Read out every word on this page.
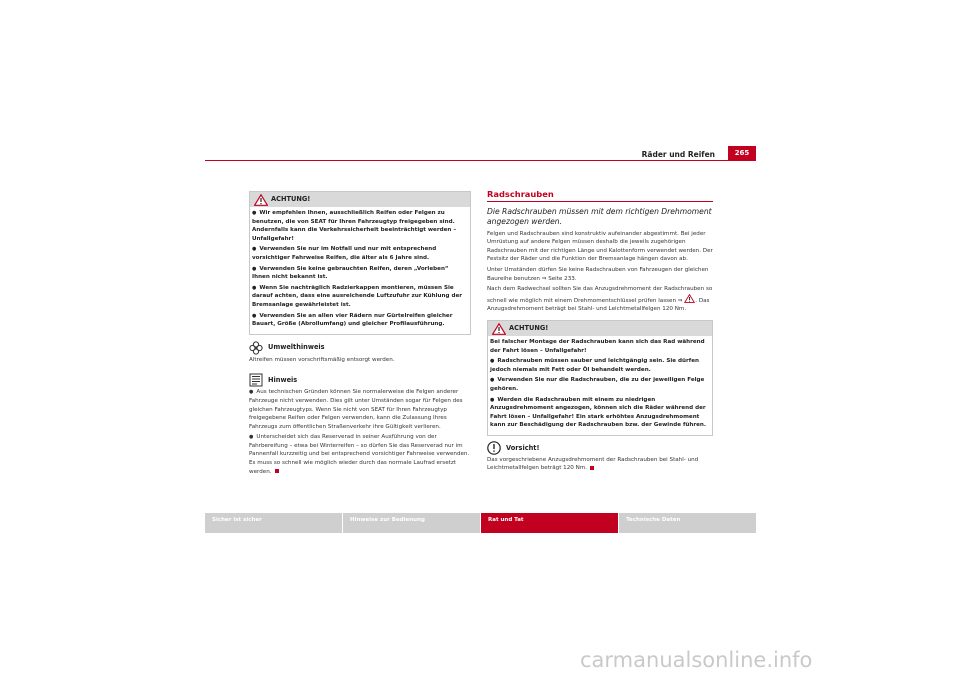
Räder und Reifen	265
ACHTUNG!

● Wir empfehlen Ihnen, ausschließlich Reifen oder Felgen zu benutzen, die von SEAT für Ihren Fahrzeugtyp freigegeben sind. Andernfalls kann die Verkehrssicherheit beeinträchtigt werden – Unfallgefahr!

● Verwenden Sie nur im Notfall und nur mit entsprechend vorsichtiger Fahrweise Reifen, die älter als 6 Jahre sind.

● Verwenden Sie keine gebrauchten Reifen, deren „Vorleben“ Ihnen nicht bekannt ist.

● Wenn Sie nachträglich Radzierkappen montieren, müssen Sie darauf achten, dass eine ausreichende Luftzufuhr zur Kühlung der Bremsanlage gewährleistet ist.

● Verwenden Sie an allen vier Rädern nur Gürtelreifen gleicher Bauart, Größe (Abrollumfang) und gleicher Profilausführung.

Umwelthinweis

Altreifen müssen vorschriftsmäßig entsorgt werden.

Hinweis

● Aus technischen Gründen können Sie normalerweise die Felgen anderer Fahrzeuge nicht verwenden. Dies gilt unter Umständen sogar für Felgen des gleichen Fahrzeugtyps. Wenn Sie nicht von SEAT für Ihren Fahrzeugtyp freigegebene Reifen oder Felgen verwenden, kann die Zulassung Ihres Fahrzeugs zum öffentlichen Straßenverkehr ihre Gültigkeit verlieren.

● Unterscheidet sich das Reserverad in seiner Ausführung von der Fahrbereifung – etwa bei Winterreifen – so dürfen Sie das Reserverad nur im Pannenfall kurzzeitig und bei entsprechend vorsichtiger Fahrweise verwenden. Es muss so schnell wie möglich wieder durch das normale Laufrad ersetzt werden.

Radschrauben
Die Radschrauben müssen mit dem richtigen Drehmoment angezogen werden.

Felgen und Radschrauben sind konstruktiv aufeinander abgestimmt. Bei jeder Umrüstung auf andere Felgen müssen deshalb die jeweils zugehörigen Radschrauben mit der richtigen Länge und Kalottenform verwendet werden. Der Festsitz der Räder und die Funktion der Bremsanlage hängen davon ab.

Unter Umständen dürfen Sie keine Radschrauben von Fahrzeugen der gleichen Baureihe benutzen ⇒ Seite 233.

Nach dem Radwechsel sollten Sie das Anzugsdrehmoment der Radschrauben so schnell wie möglich mit einem Drehmomentschlüssel prüfen lassen ⇒ . Das Anzugsdrehmoment beträgt bei Stahl- und Leichtmetallfelgen 120 Nm.

ACHTUNG!

Bei falscher Montage der Radschrauben kann sich das Rad während der Fahrt lösen – Unfallgefahr!

● Radschrauben müssen sauber und leichtgängig sein. Sie dürfen jedoch niemals mit Fett oder Öl behandelt werden.

● Verwenden Sie nur die Radschrauben, die zu der jeweiligen Felge gehören.

● Werden die Radschrauben mit einem zu niedrigen Anzugsdrehmoment angezogen, können sich die Räder während der Fahrt lösen – Unfallgefahr! Ein stark erhöhtes Anzugsdrehmoment kann zur Beschädigung der Radschrauben bzw. der Gewinde führen.

Vorsicht!

Das vorgeschriebene Anzugsdrehmoment der Radschrauben bei Stahl- und Leichtmetallfelgen beträgt 120 Nm.

Sicher ist sicher	Hinweise zur Bedienung	Rat und Tat	Technische Daten
carmanualsonline.info
